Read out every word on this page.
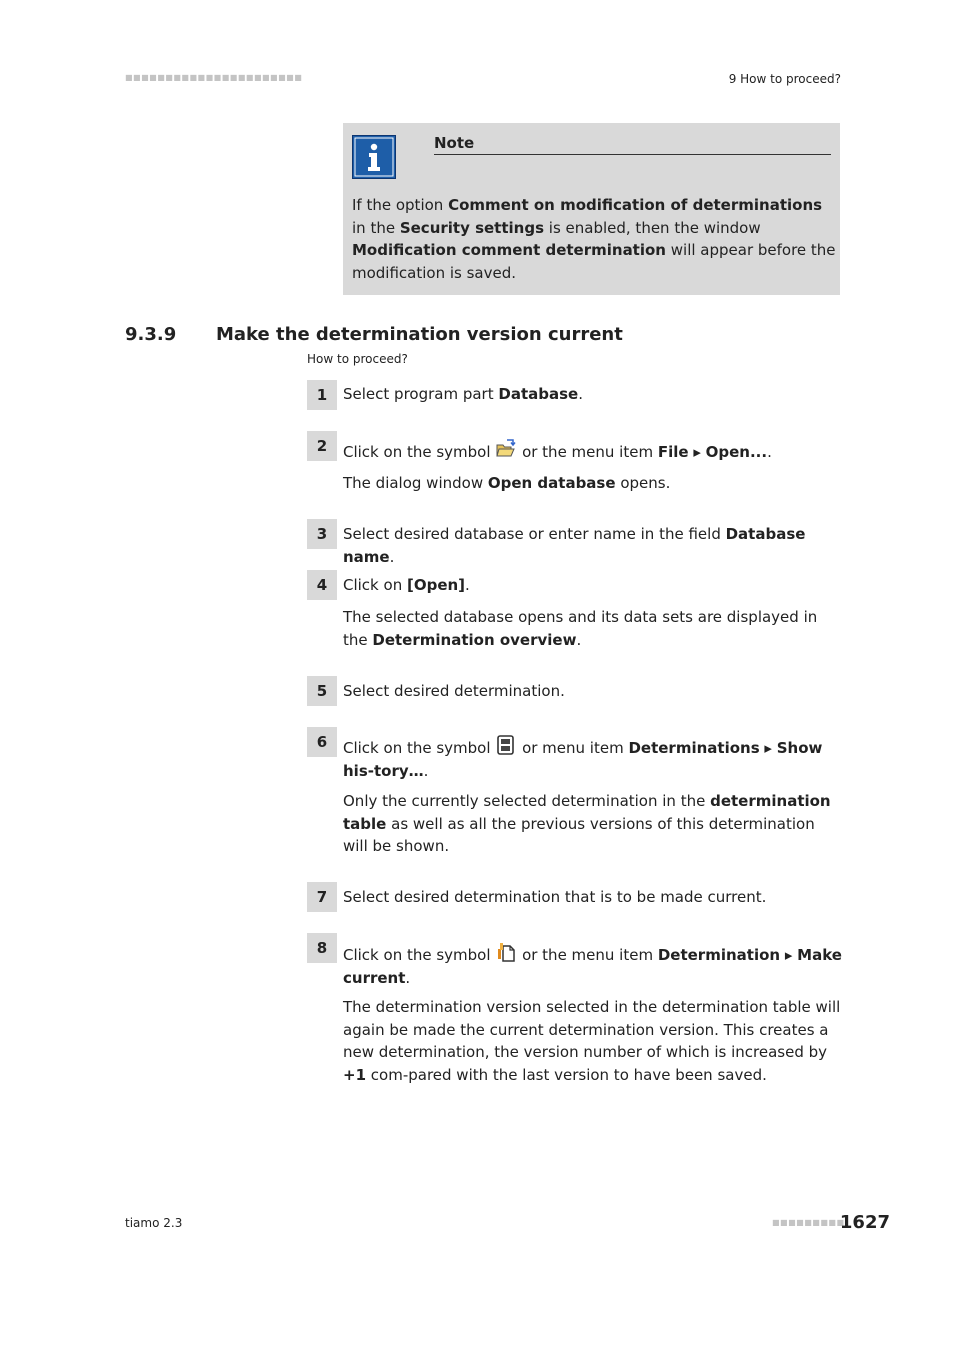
■■■■■■■■■■■■■■■■■■■■■■	9 How to proceed?
Note
If the option Comment on modification of determinations in the Security settings is enabled, then the window Modification comment determination will appear before the modification is saved.
9.3.9 Make the determination version current
How to proceed?
1	Select program part Database.
2	Click on the symbol  or the menu item File ▸ Open....
The dialog window Open database opens.
3	Select desired database or enter name in the field Database name.
4	Click on [Open].
The selected database opens and its data sets are displayed in the Determination overview.
5	Select desired determination.
6	Click on the symbol  or menu item Determinations ▸ Show his-tory….
Only the currently selected determination in the determination table as well as all the previous versions of this determination will be shown.
7	Select desired determination that is to be made current.
8	Click on the symbol  or the menu item Determination ▸ Make current.
The determination version selected in the determination table will again be made the current determination version. This creates a new determination, the version number of which is increased by +1 com-pared with the last version to have been saved.
tiamo 2.3	■■■■■■■■■
1627
